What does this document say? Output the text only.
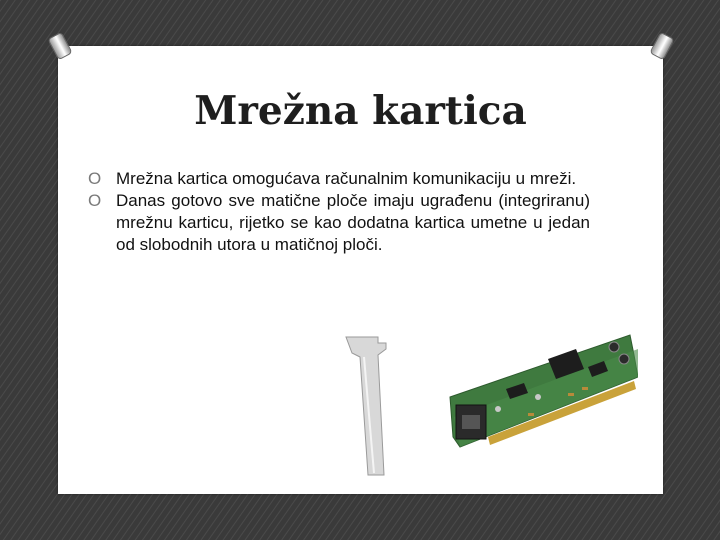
Mrežna kartica
O Mrežna kartica omogućava računalnim komunikaciju u mreži.
O Danas gotovo sve matične ploče imaju ugrađenu (integriranu) mrežnu karticu, rijetko se kao dodatna kartica umetne u jedan od slobodnih utora u matičnoj ploči.
